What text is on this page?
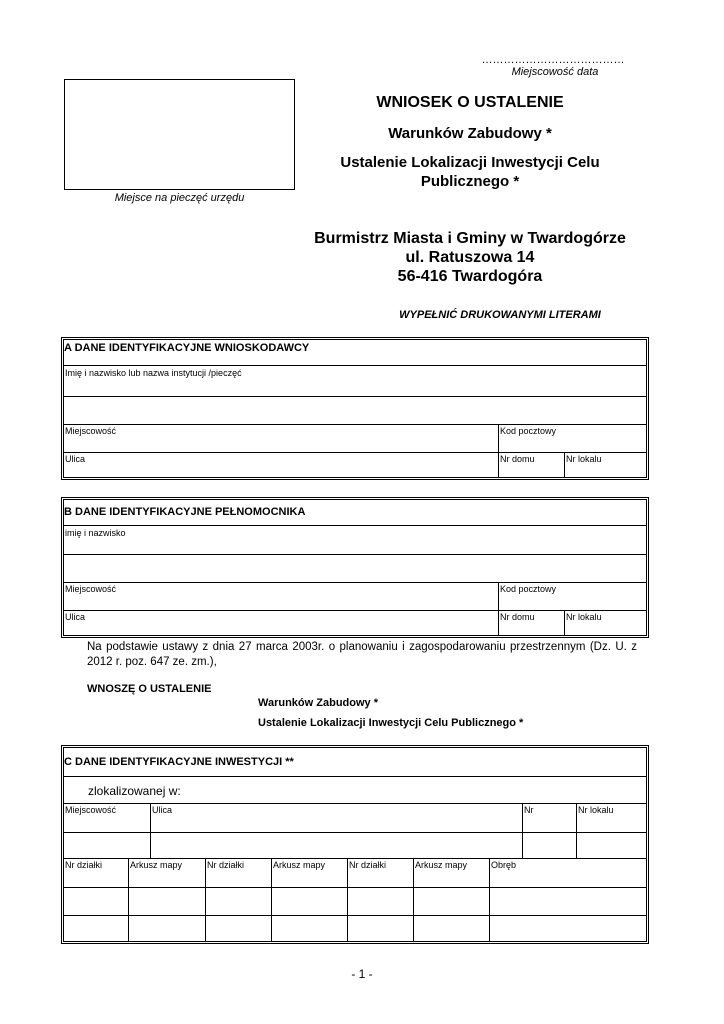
…………………………………
Miejscowość data
Miejsce na pieczęć urzędu
WNIOSEK O USTALENIE
Warunków Zabudowy *
Ustalenie Lokalizacji Inwestycji Celu Publicznego *
Burmistrz Miasta i Gminy w Twardogórze
ul. Ratuszowa 14
56-416 Twardogóra
WYPEŁNIĆ DRUKOWANYMI LITERAMI
A DANE IDENTYFIKACYJNE WNIOSKODAWCY
Imię i nazwisko lub nazwa instytucji /pieczęć
Miejscowość	Kod pocztowy
Ulica	Nr domu	Nr lokalu
B DANE IDENTYFIKACYJNE PEŁNOMOCNIKA
imię i nazwisko
Miejscowość	Kod pocztowy
Ulica	Nr domu	Nr lokalu
Na podstawie ustawy z dnia 27 marca 2003r. o planowaniu i zagospodarowaniu przestrzennym (Dz. U. z 2012 r. poz. 647 ze. zm.),
WNOSZĘ O USTALENIE
Warunków Zabudowy *
Ustalenie Lokalizacji Inwestycji Celu Publicznego *
C DANE IDENTYFIKACYJNE INWESTYCJI **
zlokalizowanej w:
Miejscowość	Ulica	Nr	Nr lokalu
Nr działki	Arkusz mapy	Nr działki	Arkusz mapy	Nr działki	Arkusz mapy	Obręb
- 1 -
